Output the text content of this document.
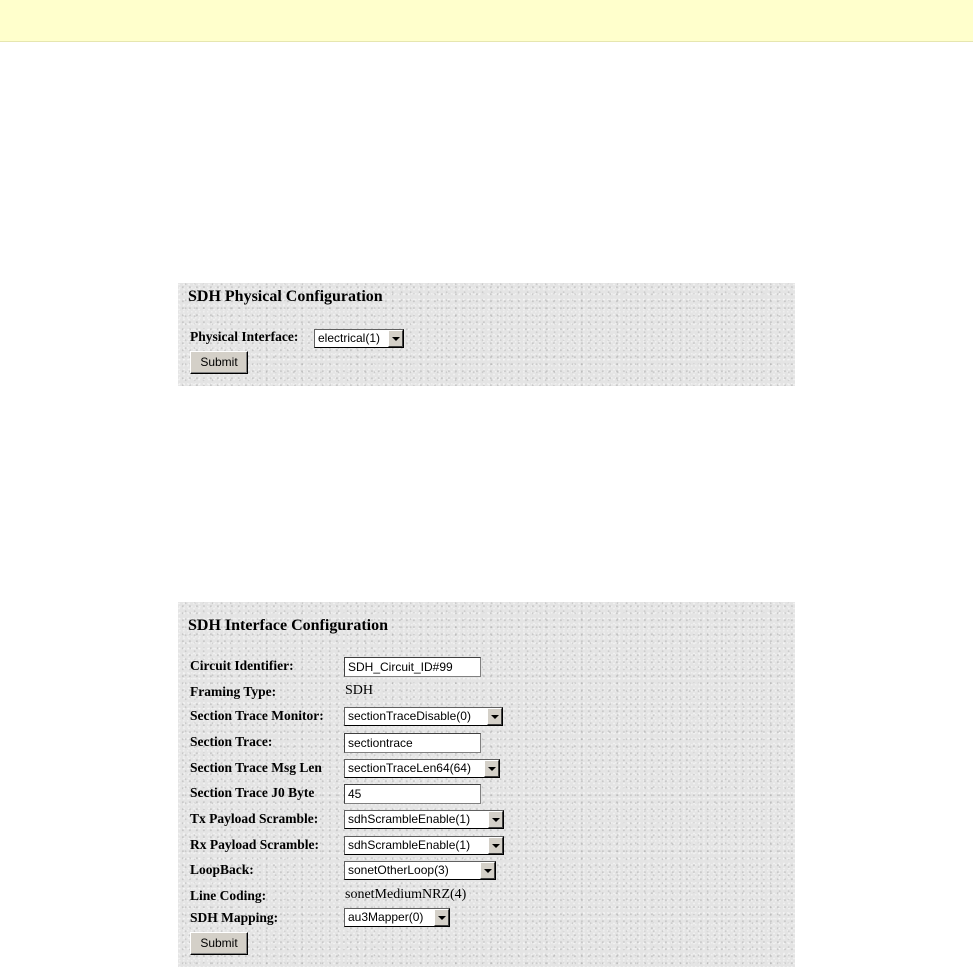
SDH Physical Configuration
Physical Interface:	electrical(1)
Submit
SDH Interface Configuration
Circuit Identifier:	SDH_Circuit_ID#99
Framing Type:	SDH
Section Trace Monitor:	sectionTraceDisable(0)
Section Trace:	sectiontrace
Section Trace Msg Len	sectionTraceLen64(64)
Section Trace J0 Byte	45
Tx Payload Scramble:	sdhScrambleEnable(1)
Rx Payload Scramble:	sdhScrambleEnable(1)
LoopBack:	sonetOtherLoop(3)
Line Coding:	sonetMediumNRZ(4)
SDH Mapping:	au3Mapper(0)
Submit
